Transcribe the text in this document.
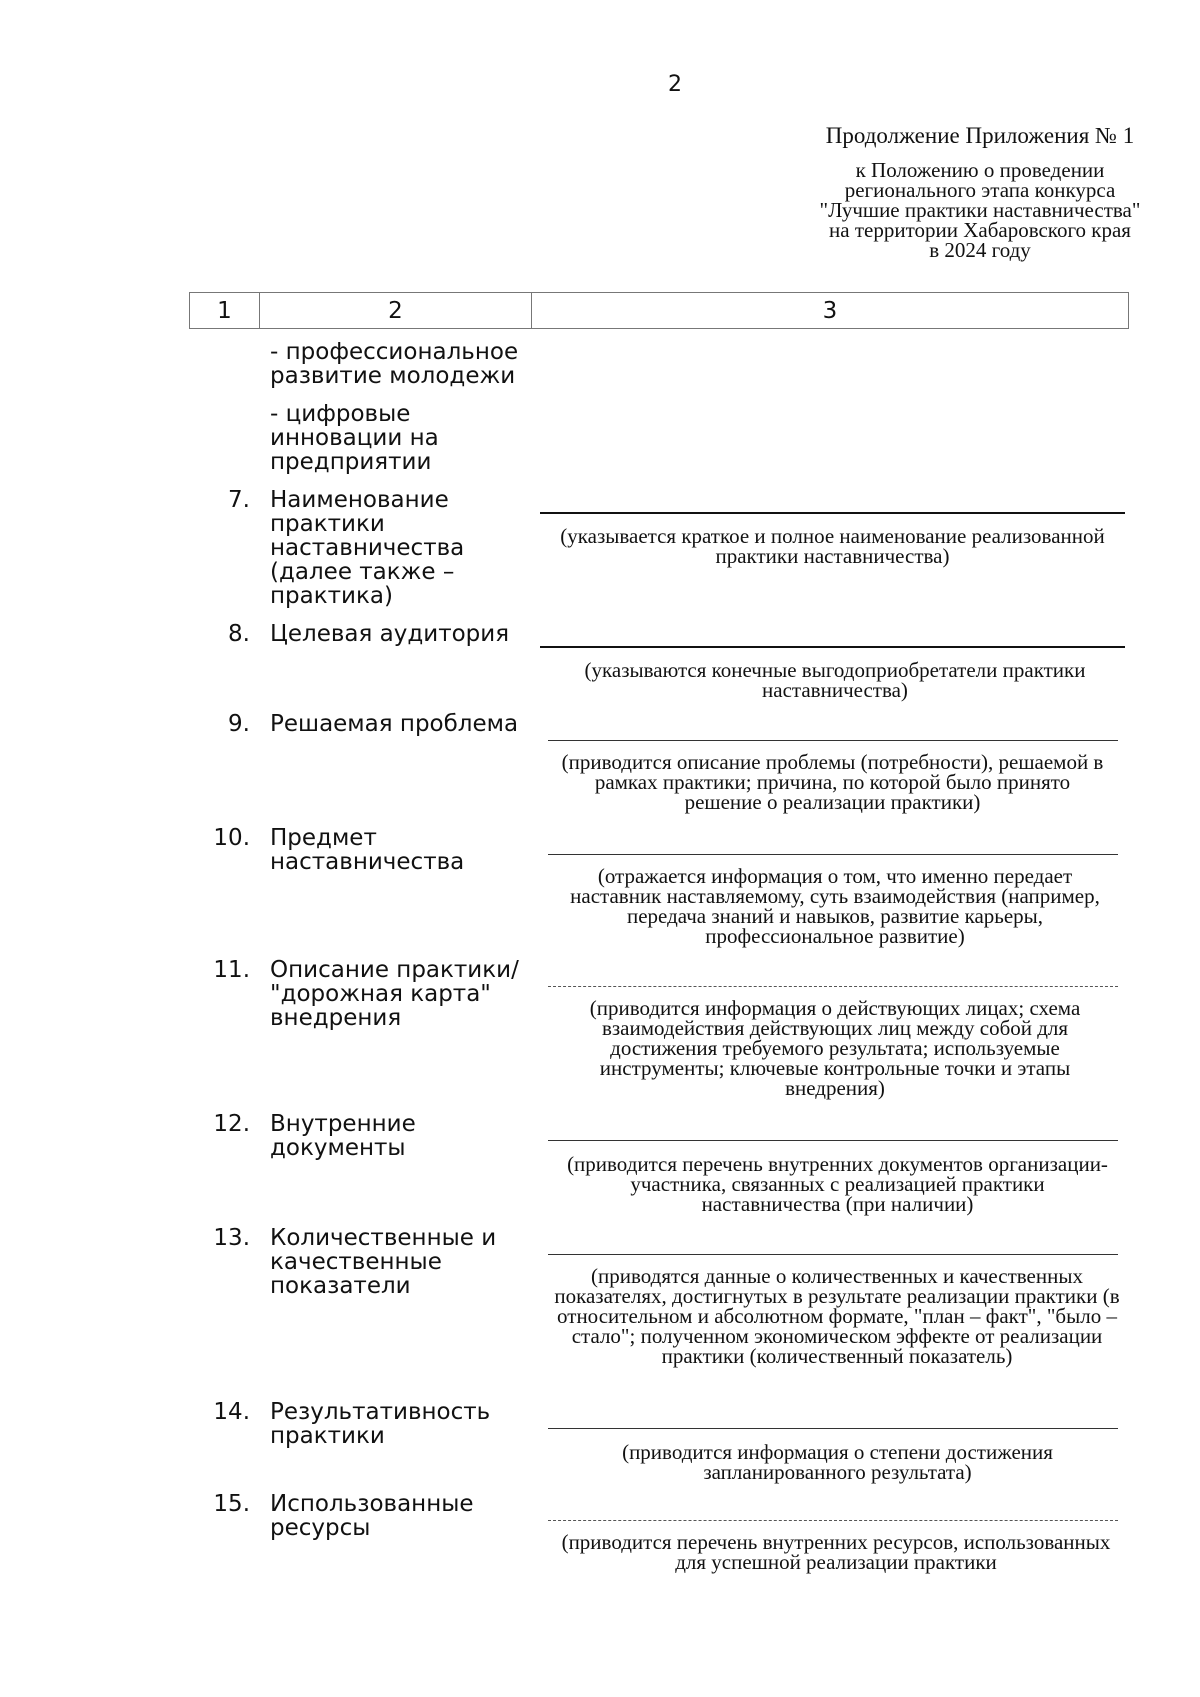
2
Продолжение Приложения № 1
к Положению о проведении
регионального этапа конкурса
"Лучшие практики наставничества"
на территории Хабаровского края
в 2024 году
1	2	3
- профессиональное развитие молодежи
- цифровые инновации на предприятии
7. Наименование практики наставничества (далее также – практика)
(указывается краткое и полное наименование реализованной практики наставничества)
8. Целевая аудитория
(указываются конечные выгодоприобретатели практики наставничества)
9. Решаемая проблема
(приводится описание проблемы (потребности), решаемой в рамках практики; причина, по которой было принято решение о реализации практики)
10. Предмет наставничества
(отражается информация о том, что именно передает наставник наставляемому, суть взаимодействия (например, передача знаний и навыков, развитие карьеры, профессиональное развитие)
11. Описание практики/ "дорожная карта" внедрения	(приводится информация о действующих лицах; схема взаимодействия действующих лиц между собой для достижения требуемого результата; используемые инструменты; ключевые контрольные точки и этапы внедрения)
12. Внутренние документы
(приводится перечень внутренних документов организации-участника, связанных с реализацией практики наставничества (при наличии)
13. Количественные и качественные показатели	(приводятся данные о количественных и качественных показателях, достигнутых в результате реализации практики (в относительном и абсолютном формате, "план – факт", "было – стало"; полученном экономическом эффекте от реализации практики (количественный показатель)
14. Результативность практики
(приводится информация о степени достижения запланированного результата)
15. Использованные ресурсы
(приводится перечень внутренних ресурсов, использованных для успешной реализации практики
